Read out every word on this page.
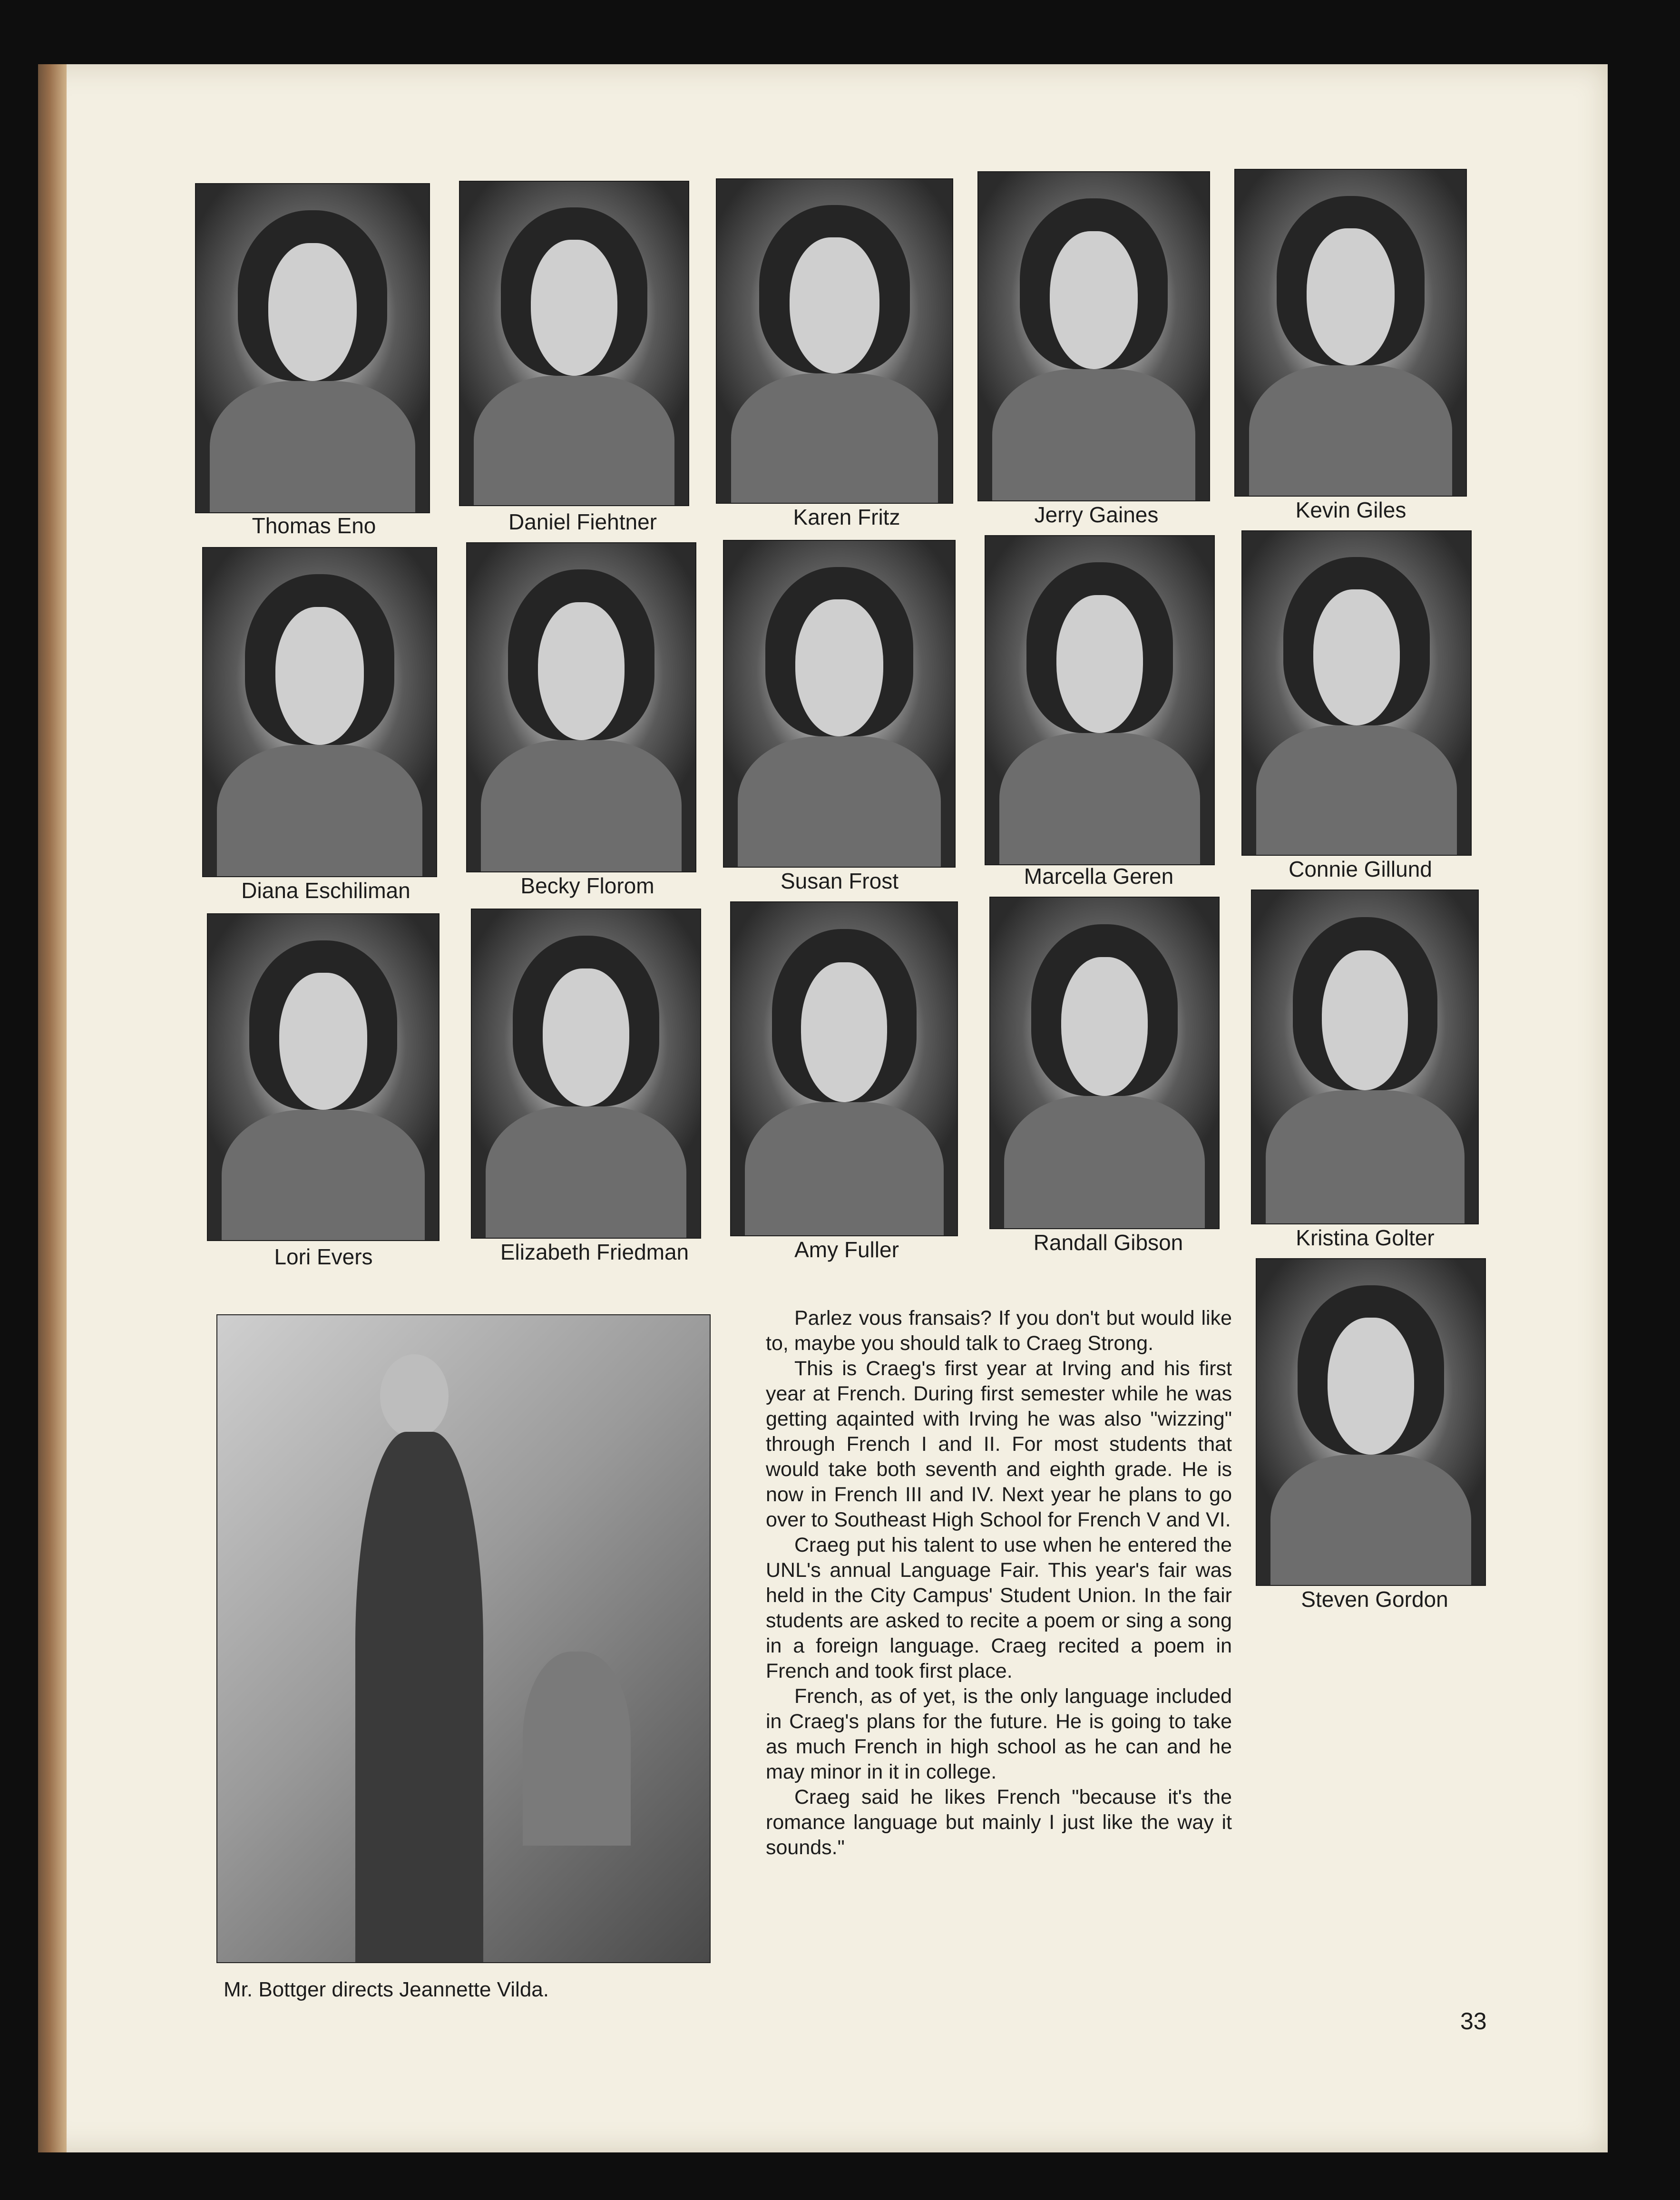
Thomas Eno	Daniel Fiehtner	Karen Fritz	Jerry Gaines	Kevin Giles
Diana Eschiliman	Becky Florom	Susan Frost	Marcella Geren	Connie Gillund
Lori Evers	Elizabeth Friedman	Amy Fuller	Randall Gibson	Kristina Golter
Steven Gordon
Mr. Bottger directs Jeannette Vilda.

Parlez vous fransais? If you don't but would like to, maybe you should talk to Craeg Strong.

This is Craeg's first year at Irving and his first year at French. During first semester while he was getting aqainted with Irving he was also "wizzing" through French I and II. For most students that would take both seventh and eighth grade. He is now in French III and IV. Next year he plans to go over to Southeast High School for French V and VI.

Craeg put his talent to use when he entered the UNL's annual Language Fair. This year's fair was held in the City Campus' Student Union. In the fair students are asked to recite a poem or sing a song in a foreign language. Craeg recited a poem in French and took first place.

French, as of yet, is the only language included in Craeg's plans for the future. He is going to take as much French in high school as he can and he may minor in it in college.

Craeg said he likes French "because it's the romance language but mainly I just like the way it sounds."

33
